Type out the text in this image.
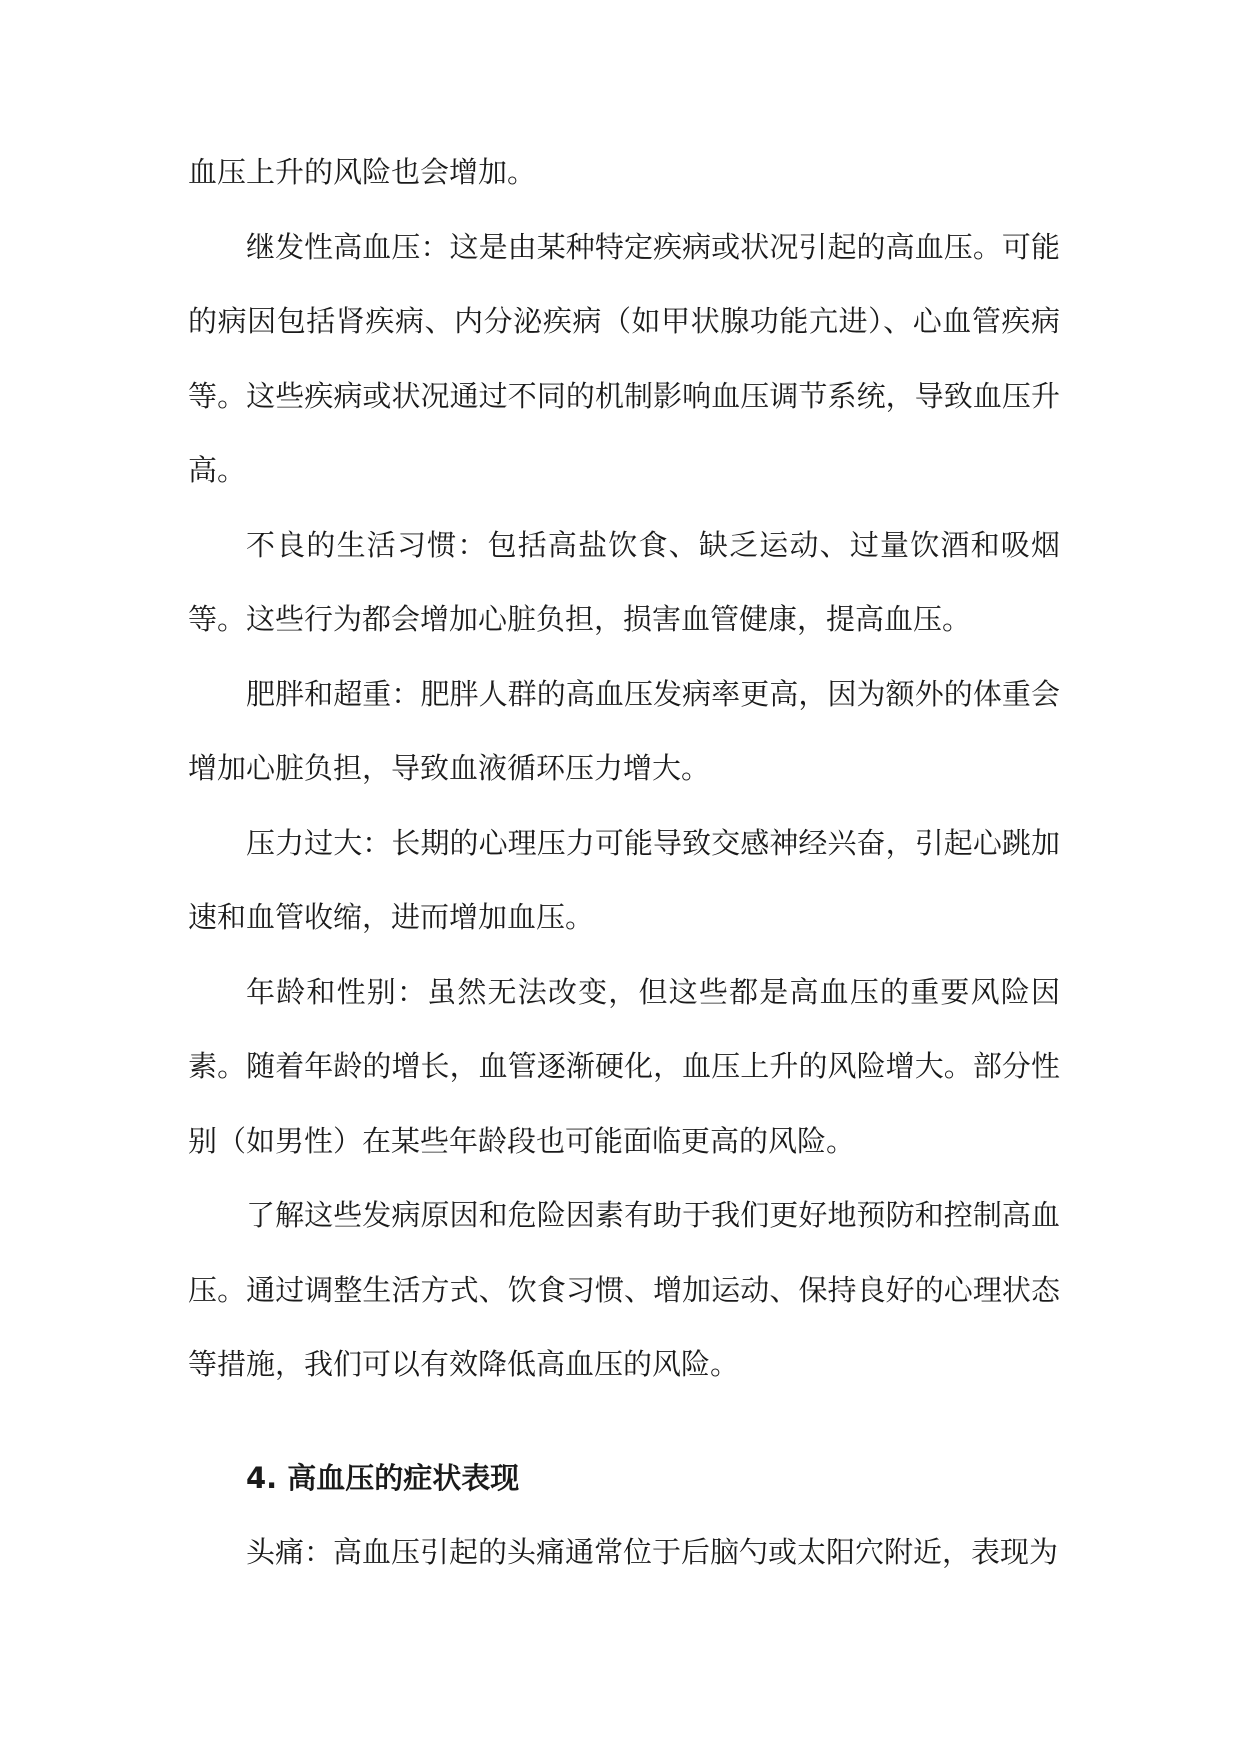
血压上升的风险也会增加。

继发性高血压：这是由某种特定疾病或状况引起的高血压。可能的病因包括肾疾病、内分泌疾病（如甲状腺功能亢进）、心血管疾病等。这些疾病或状况通过不同的机制影响血压调节系统，导致血压升高。

不良的生活习惯：包括高盐饮食、缺乏运动、过量饮酒和吸烟等。这些行为都会增加心脏负担，损害血管健康，提高血压。

肥胖和超重：肥胖人群的高血压发病率更高，因为额外的体重会增加心脏负担，导致血液循环压力增大。

压力过大：长期的心理压力可能导致交感神经兴奋，引起心跳加速和血管收缩，进而增加血压。

年龄和性别：虽然无法改变，但这些都是高血压的重要风险因素。随着年龄的增长，血管逐渐硬化，血压上升的风险增大。部分性别（如男性）在某些年龄段也可能面临更高的风险。

了解这些发病原因和危险因素有助于我们更好地预防和控制高血压。通过调整生活方式、饮食习惯、增加运动、保持良好的心理状态等措施，我们可以有效降低高血压的风险。

4. 高血压的症状表现

头痛：高血压引起的头痛通常位于后脑勺或太阳穴附近，表现为
